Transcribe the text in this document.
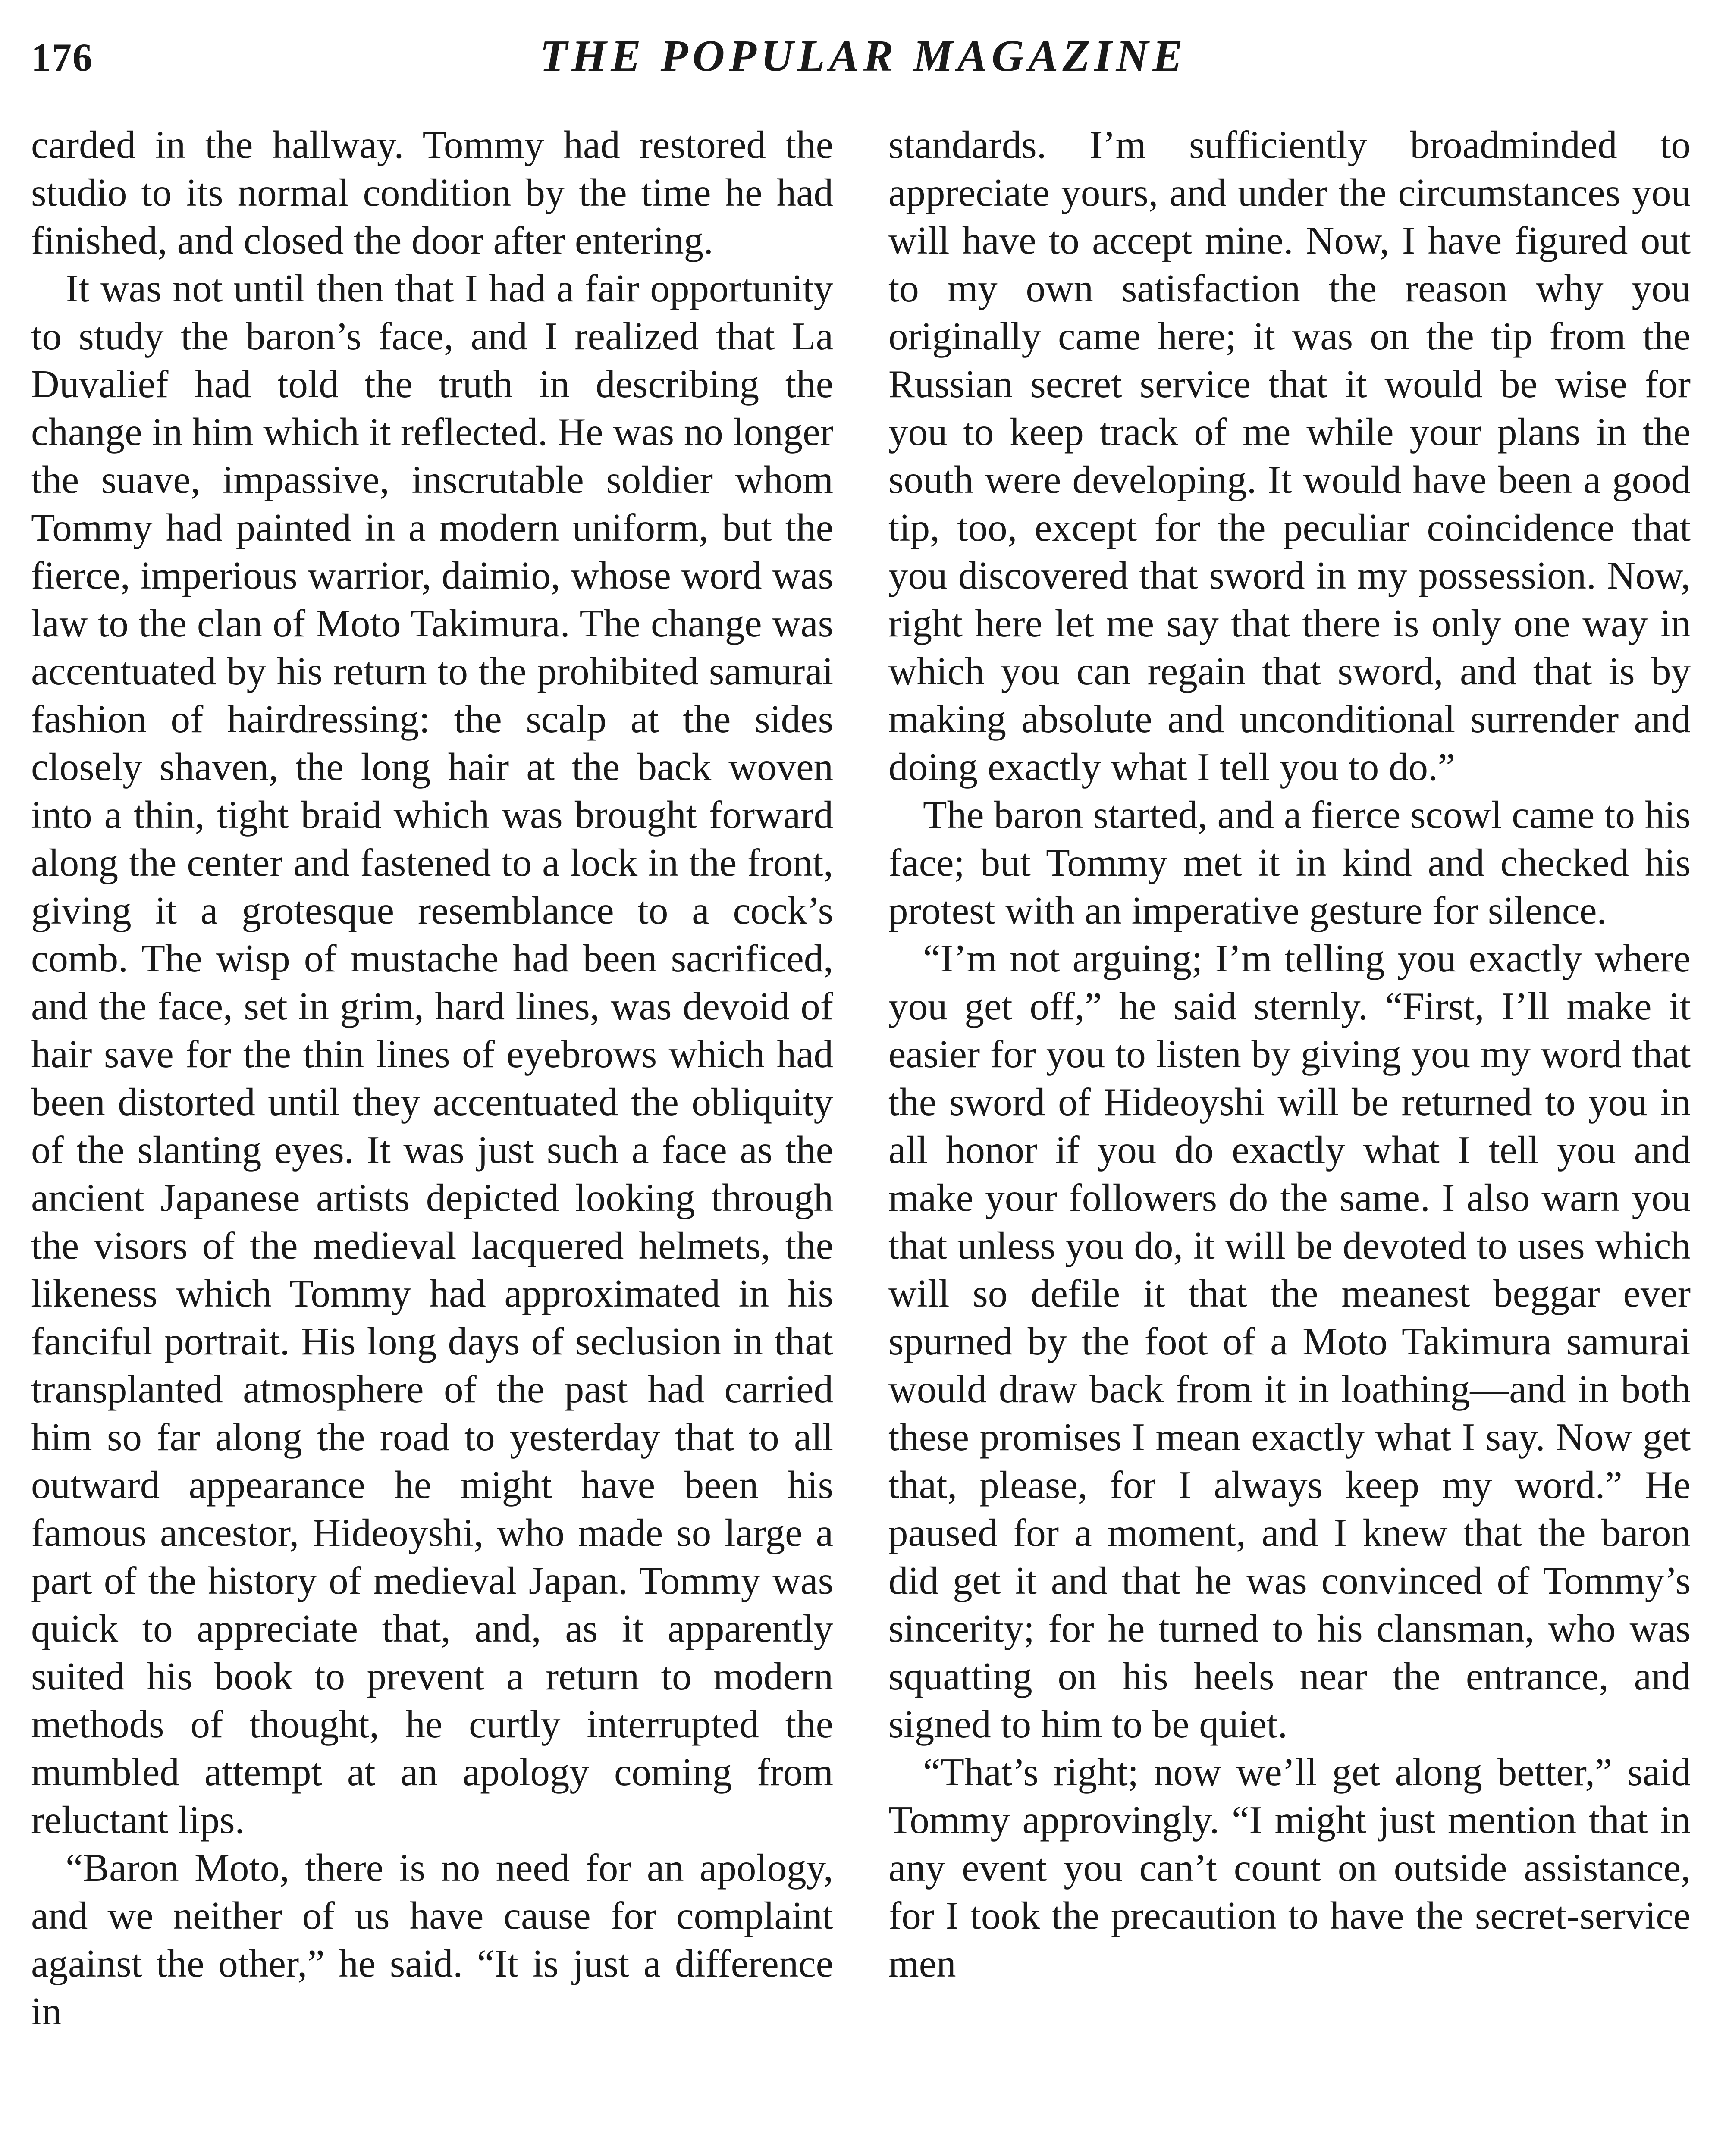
176	THE POPULAR MAGAZINE

carded in the hallway. Tommy had restored the studio to its normal condition by the time he had finished, and closed the door after entering.

It was not until then that I had a fair opportunity to study the baron’s face, and I realized that La Duvalief had told the truth in describing the change in him which it reflected. He was no longer the suave, impassive, inscrutable soldier whom Tommy had painted in a modern uniform, but the fierce, imperious warrior, daimio, whose word was law to the clan of Moto Takimura. The change was accentuated by his return to the prohibited samurai fashion of hairdressing: the scalp at the sides closely shaven, the long hair at the back woven into a thin, tight braid which was brought forward along the center and fastened to a lock in the front, giving it a grotesque resemblance to a cock’s comb. The wisp of mustache had been sacrificed, and the face, set in grim, hard lines, was devoid of hair save for the thin lines of eyebrows which had been distorted until they accentuated the obliquity of the slanting eyes. It was just such a face as the ancient Japanese artists depicted looking through the visors of the medieval lacquered helmets, the likeness which Tommy had approximated in his fanciful portrait. His long days of seclusion in that transplanted atmosphere of the past had carried him so far along the road to yesterday that to all outward appearance he might have been his famous ancestor, Hideoyshi, who made so large a part of the history of medieval Japan. Tommy was quick to appreciate that, and, as it apparently suited his book to prevent a return to modern methods of thought, he curtly interrupted the mumbled attempt at an apology coming from reluctant lips.

“Baron Moto, there is no need for an apology, and we neither of us have cause for complaint against the other,” he said. “It is just a difference in

standards. I’m sufficiently broadminded to appreciate yours, and under the circumstances you will have to accept mine. Now, I have figured out to my own satisfaction the reason why you originally came here; it was on the tip from the Russian secret service that it would be wise for you to keep track of me while your plans in the south were developing. It would have been a good tip, too, except for the peculiar coincidence that you discovered that sword in my possession. Now, right here let me say that there is only one way in which you can regain that sword, and that is by making absolute and unconditional surrender and doing exactly what I tell you to do.”

The baron started, and a fierce scowl came to his face; but Tommy met it in kind and checked his protest with an imperative gesture for silence.

“I’m not arguing; I’m telling you exactly where you get off,” he said sternly. “First, I’ll make it easier for you to listen by giving you my word that the sword of Hideoyshi will be returned to you in all honor if you do exactly what I tell you and make your followers do the same. I also warn you that unless you do, it will be devoted to uses which will so defile it that the meanest beggar ever spurned by the foot of a Moto Takimura samurai would draw back from it in loathing—and in both these promises I mean exactly what I say. Now get that, please, for I always keep my word.” He paused for a moment, and I knew that the baron did get it and that he was convinced of Tommy’s sincerity; for he turned to his clansman, who was squatting on his heels near the entrance, and signed to him to be quiet.

“That’s right; now we’ll get along better,” said Tommy approvingly. “I might just mention that in any event you can’t count on outside assistance, for I took the precaution to have the secret-service men
